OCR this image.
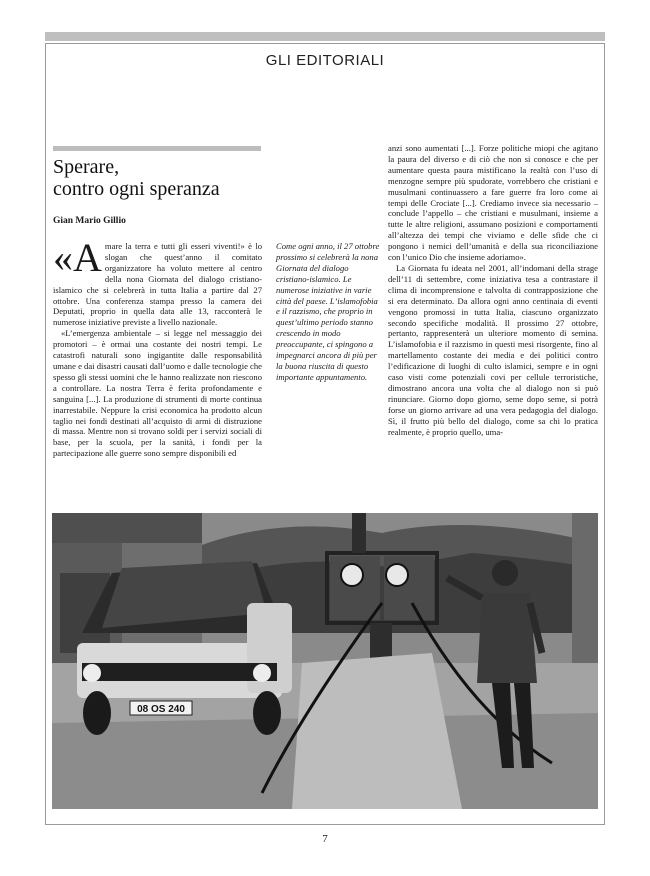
GLI EDITORIALI
Sperare,
contro ogni speranza
Gian Mario Gillio

«Amare la terra e tutti gli esseri viventi!» è lo slogan che quest’anno il comitato organizzatore ha voluto mettere al centro della nona Giornata del dialogo cristiano-islamico che si celebrerà in tutta Italia a partire dal 27 ottobre. Una conferenza stampa presso la camera dei Deputati, proprio in quella data alle 13, racconterà le numerose iniziative previste a livello nazionale.

«L’emergenza ambientale – si legge nel messaggio dei promotori – è ormai una costante dei nostri tempi. Le catastrofi naturali sono ingigantite dalle responsabilità umane e dai disastri causati dall’uomo e dalle tecnologie che spesso gli stessi uomini che le hanno realizzate non riescono a controllare. La nostra Terra è ferita profondamente e sanguina [...]. La produzione di strumenti di morte continua inarrestabile. Neppure la crisi economica ha prodotto alcun taglio nei fondi destinati all’acquisto di armi di distruzione di massa. Mentre non si trovano soldi per i servizi sociali di base, per la scuola, per la sanità, i fondi per la partecipazione alle guerre sono sempre disponibili ed

Come ogni anno, il 27 ottobre prossimo si celebrerà la nona Giornata del dialogo cristiano-islamico. Le numerose iniziative in varie città del paese. L’islamofobia e il razzismo, che proprio in quest’ultimo periodo stanno crescendo in modo preoccupante, ci spingono a impegnarci ancora di più per la buona riuscita di questo importante appuntamento.

anzi sono aumentati [...]. Forze politiche miopi che agitano la paura del diverso e di ciò che non si conosce e che per aumentare questa paura mistificano la realtà con l’uso di menzogne sempre più spudorate, vorrebbero che cristiani e musulmani continuassero a fare guerre fra loro come ai tempi delle Crociate [...]. Crediamo invece sia necessario – conclude l’appello – che cristiani e musulmani, insieme a tutte le altre religioni, assumano posizioni e comportamenti all’altezza dei tempi che viviamo e delle sfide che ci pongono i nemici dell’umanità e della sua riconciliazione con l’unico Dio che insieme adoriamo».

La Giornata fu ideata nel 2001, all’indomani della strage dell’11 di settembre, come iniziativa tesa a contrastare il clima di incomprensione e talvolta di contrapposizione che si era determinato. Da allora ogni anno centinaia di eventi vengono promossi in tutta Italia, ciascuno organizzato secondo specifiche modalità. Il prossimo 27 ottobre, pertanto, rappresenterà un ulteriore momento di semina. L’islamofobia e il razzismo in questi mesi risorgente, fino al martellamento costante dei media e dei politici contro l’edificazione di luoghi di culto islamici, sempre e in ogni caso visti come potenziali covi per cellule terroristiche, dimostrano ancora una volta che al dialogo non si può rinunciare. Giorno dopo giorno, seme dopo seme, si potrà forse un giorno arrivare ad una vera pedagogia del dialogo. Sì, il frutto più bello del dialogo, come sa chi lo pratica realmente, è proprio quello, uma-

08 OS 240
7
